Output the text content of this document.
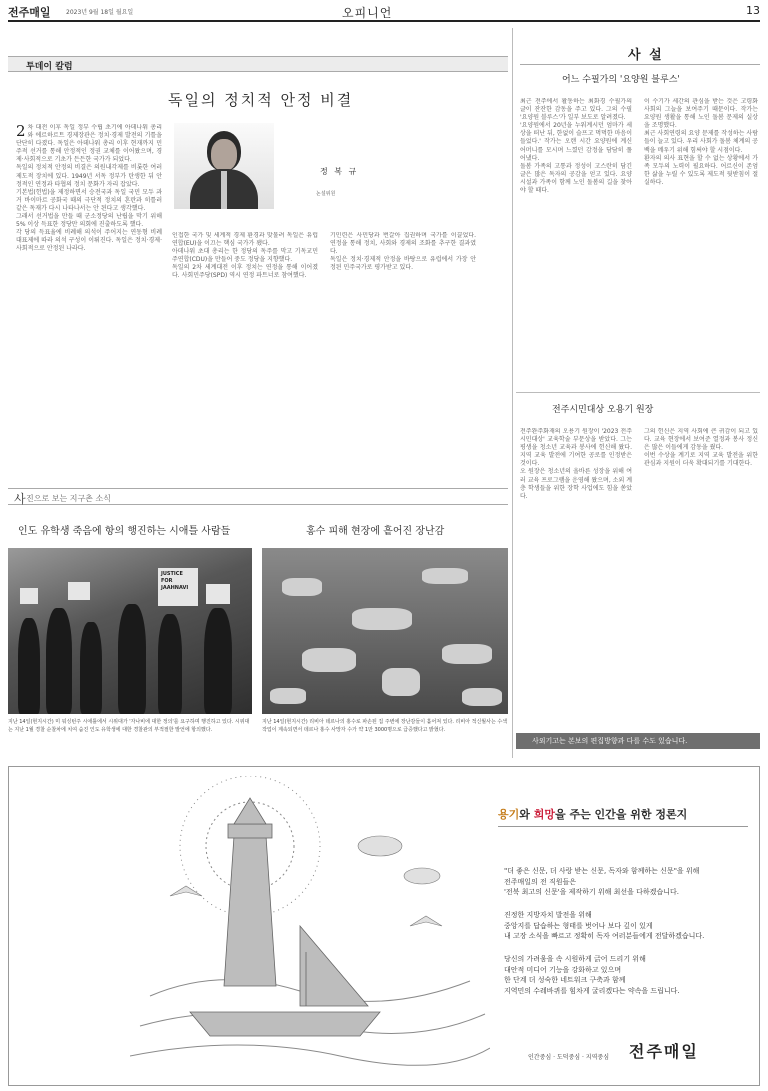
전주매일	2023년 9월 18일 월요일	오피니언	13
투데이 칼럼
독일의 정치적 안정 비결
정 복 규
논설위원
2 차 대전 이후 독일 정부 수립 초기에 아데나워 총리와 에르하르트 경제장관은 정치·경제 발전의 기틀을 단단히 다졌다. 독일은 아데나워 총리 이후 현재까지 민주적 선거를 통해 안정적인 정권 교체를 이어왔으며, 경제·사회적으로 기초가 든든한 국가가 되었다.

독일의 정치적 안정의 비결은 의원내각제를 비롯한 여러 제도적 장치에 있다. 1949년 서독 정부가 탄생한 뒤 안정적인 연정과 타협의 정치 문화가 자리 잡았다.

기본법(헌법)을 제정하면서 승전국과 독일 국민 모두 과거 바이마르 공화국 때의 극단적 정치의 혼란과 히틀러 같은 독재가 다시 나타나서는 안 된다고 생각했다.

그래서 선거법을 만들 때 군소정당의 난립을 막기 위해 5% 이상 득표한 정당만 의회에 진출하도록 했다.

각 당의 득표율에 비례해 의석이 주어지는 연동형 비례대표제에 따라 의석 구성이 이뤄진다. 독일은 정치·경제·사회적으로 안정된 나라다.

인접한 국가 및 세계적 경제 환경과 맞물려 독일은 유럽연합(EU)을 이끄는 핵심 국가가 됐다.

아데나워 초대 총리는 한 정당의 독주를 막고 기독교민주연합(CDU)을 만들어 중도 정당을 지향했다.

독일의 2차 세계대전 이후 정치는 연정을 통해 이어졌다. 사회민주당(SPD) 역시 연정 파트너로 참여했다.

기민련은 사민당과 번갈아 집권하며 국가를 이끌었다. 연정을 통해 정치, 사회와 경제의 조화를 추구한 결과였다.

독일은 정치·경제적 안정을 바탕으로 유럽에서 가장 안정된 민주국가로 평가받고 있다.

사 진으로 보는 지구촌 소식
인도 유학생 죽음에 항의 행진하는 시애틀 사람들	홍수 피해 현장에 흩어진 장난감
JUSTICE FOR JAAHNAVI
지난 14일(현지시간) 미 워싱턴주 시애틀에서 시위대가 '자나비에 대한 정의'를 요구하며 행진하고 있다. 시위대는 지난 1월 경찰 순찰차에 치여 숨진 인도 유학생에 대한 경찰관의 부적절한 발언에 항의했다.
지난 14일(현지시간) 리비아 데르나의 홍수로 파손된 집 주변에 장난감들이 흩어져 있다. 리비아 적신월사는 수색 작업이 계속되면서 데르나 홍수 사망자 수가 약 1만 3000명으로 급증했다고 밝혔다.
사 설
어느 수필가의 '요양원 블루스'

최근 전주에서 활동하는 최화경 수필가의 글이 잔잔한 감동을 주고 있다. 그의 수필 '요양원 블루스'가 일부 보도로 알려졌다.

'요양원에서 20년을 누워계시던 엄마가 세상을 떠난 뒤, 한없이 슬프고 먹먹한 마음이 들었다.' 작가는 오랜 시간 요양원에 계신 어머니를 모시며 느꼈던 감정을 담담히 풀어냈다.

돌봄 가족의 고통과 정성이 고스란히 담긴 글은 많은 독자의 공감을 얻고 있다. 요양 시설과 가족이 함께 노인 돌봄의 길을 찾아야 할 때다.

이 수기가 세간의 관심을 받는 것은 고령화 사회의 그늘을 보여주기 때문이다. 작가는 요양원 생활을 통해 노인 돌봄 문제의 실상을 조명했다.

최근 사회연령의 요양 문제를 작성하는 사람들이 늘고 있다. 우리 사회가 돌봄 체계의 공백을 메우기 위해 힘써야 할 시점이다.

환자의 의사 표현을 할 수 없는 상황에서 가족 모두의 노력이 필요하다. 어르신이 존엄한 삶을 누릴 수 있도록 제도적 뒷받침이 절실하다.

전주시민대상 오용기 원장

전주완주화재의 오용기 원장이 '2023 전주시민대상' 교육학술 부문상을 받았다. 그는 평생을 청소년 교육과 봉사에 헌신해 왔다. 지역 교육 발전에 기여한 공로를 인정받은 것이다.

오 원장은 청소년의 올바른 성장을 위해 여러 교육 프로그램을 운영해 왔으며, 소외 계층 학생들을 위한 장학 사업에도 힘을 쏟았다.

그의 헌신은 지역 사회에 큰 귀감이 되고 있다. 교육 현장에서 보여준 열정과 봉사 정신은 많은 이들에게 감동을 줬다.

이번 수상을 계기로 지역 교육 발전을 위한 관심과 지원이 더욱 확대되기를 기대한다.

사외기고는 본보의 편집방향과 다를 수도 있습니다.
용기와 희망을 주는 인간을 위한 정론지
"더 좋은 신문, 더 사랑 받는 신문, 독자와 함께하는 신문"을 위해
전주매일의 전 직원들은
'전북 최고의 신문'을 제작하기 위해 최선을 다하겠습니다.
진정한 지방자치 발전을 위해
중앙지를 답습하는 형태를 벗어나 보다 깊이 있게
내 고장 소식을 빠르고 정확히 독자 여러분들에게 전달하겠습니다.
당신의 가려움을 속 시원하게 긁어 드리기 위해
대안적 미디어 기능을 강화하고 있으며
한 단계 더 성숙한 네트워크 구축과 함께
지역민의 수레바퀴를 힘차게 굴리겠다는 약속을 드립니다.
인간중심 · 도덕중심 · 지역중심 전주매일
